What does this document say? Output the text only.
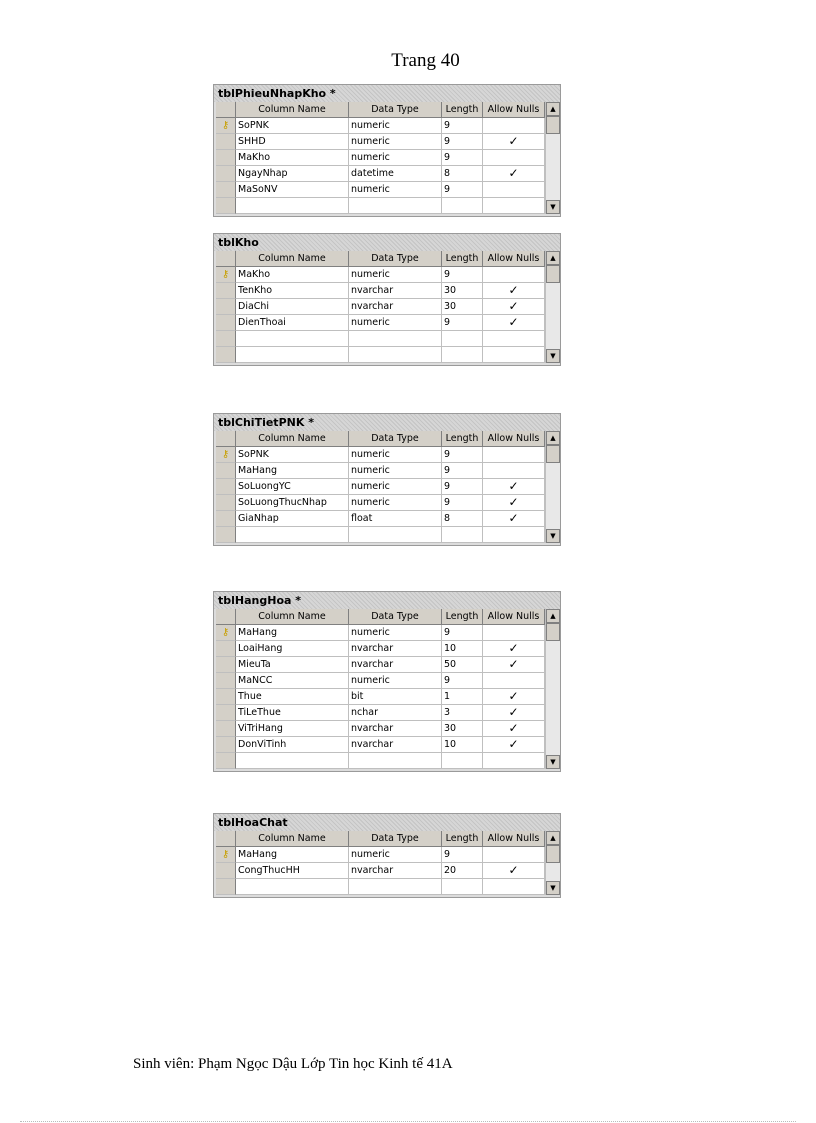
Trang 40
tblPhieuNhapKho *
Column Name	Data Type	Length Allow Nulls
⚷ SoPNK	numeric	9
SHHD	numeric	9	✓
MaKho	numeric	9
NgayNhap	datetime	8	✓
MaSoNV	numeric	9
▲
▼
tblKho
Column Name	Data Type	Length Allow Nulls
⚷ MaKho	numeric	9
TenKho	nvarchar	30	✓
DiaChi	nvarchar	30	✓
DienThoai	numeric	9	✓
▲
▼
tblChiTietPNK *
Column Name	Data Type	Length Allow Nulls
⚷ SoPNK	numeric	9
MaHang	numeric	9
SoLuongYC	numeric	9	✓
SoLuongThucNhap	numeric	9	✓
GiaNhap	float	8	✓
▲
▼
tblHangHoa *
Column Name	Data Type	Length Allow Nulls
⚷ MaHang	numeric	9
LoaiHang	nvarchar	10	✓
MieuTa	nvarchar	50	✓
MaNCC	numeric	9
Thue	bit	1	✓
TiLeThue	nchar	3	✓
ViTriHang	nvarchar	30	✓
DonViTinh	nvarchar	10	✓
▲
▼
tblHoaChat
Column Name	Data Type	Length Allow Nulls
⚷ MaHang	numeric	9
CongThucHH	nvarchar	20	✓
▲
▼
Sinh viên: Phạm Ngọc Dậu Lớp Tin học Kinh tế 41A
